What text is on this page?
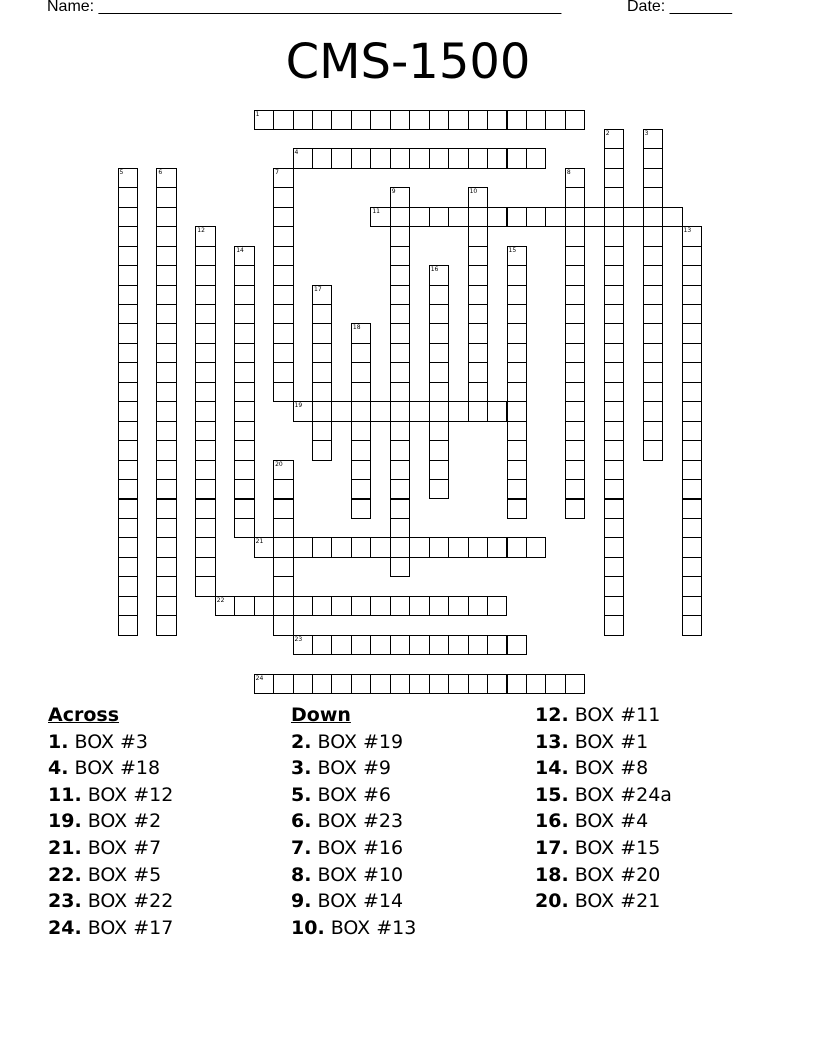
Name: ____________________________________________________	Date: _______
CMS-1500
1
2	3
4
5	6	7	8
9	10
11
12	13
14	15
16
17
18
19
20
21
22
23
24
Across
1. BOX #3
4. BOX #18
11. BOX #12
19. BOX #2
21. BOX #7
22. BOX #5
23. BOX #22
24. BOX #17
Down
2. BOX #19
3. BOX #9
5. BOX #6
6. BOX #23
7. BOX #16
8. BOX #10
9. BOX #14
10. BOX #13
12. BOX #11
13. BOX #1
14. BOX #8
15. BOX #24a
16. BOX #4
17. BOX #15
18. BOX #20
20. BOX #21
